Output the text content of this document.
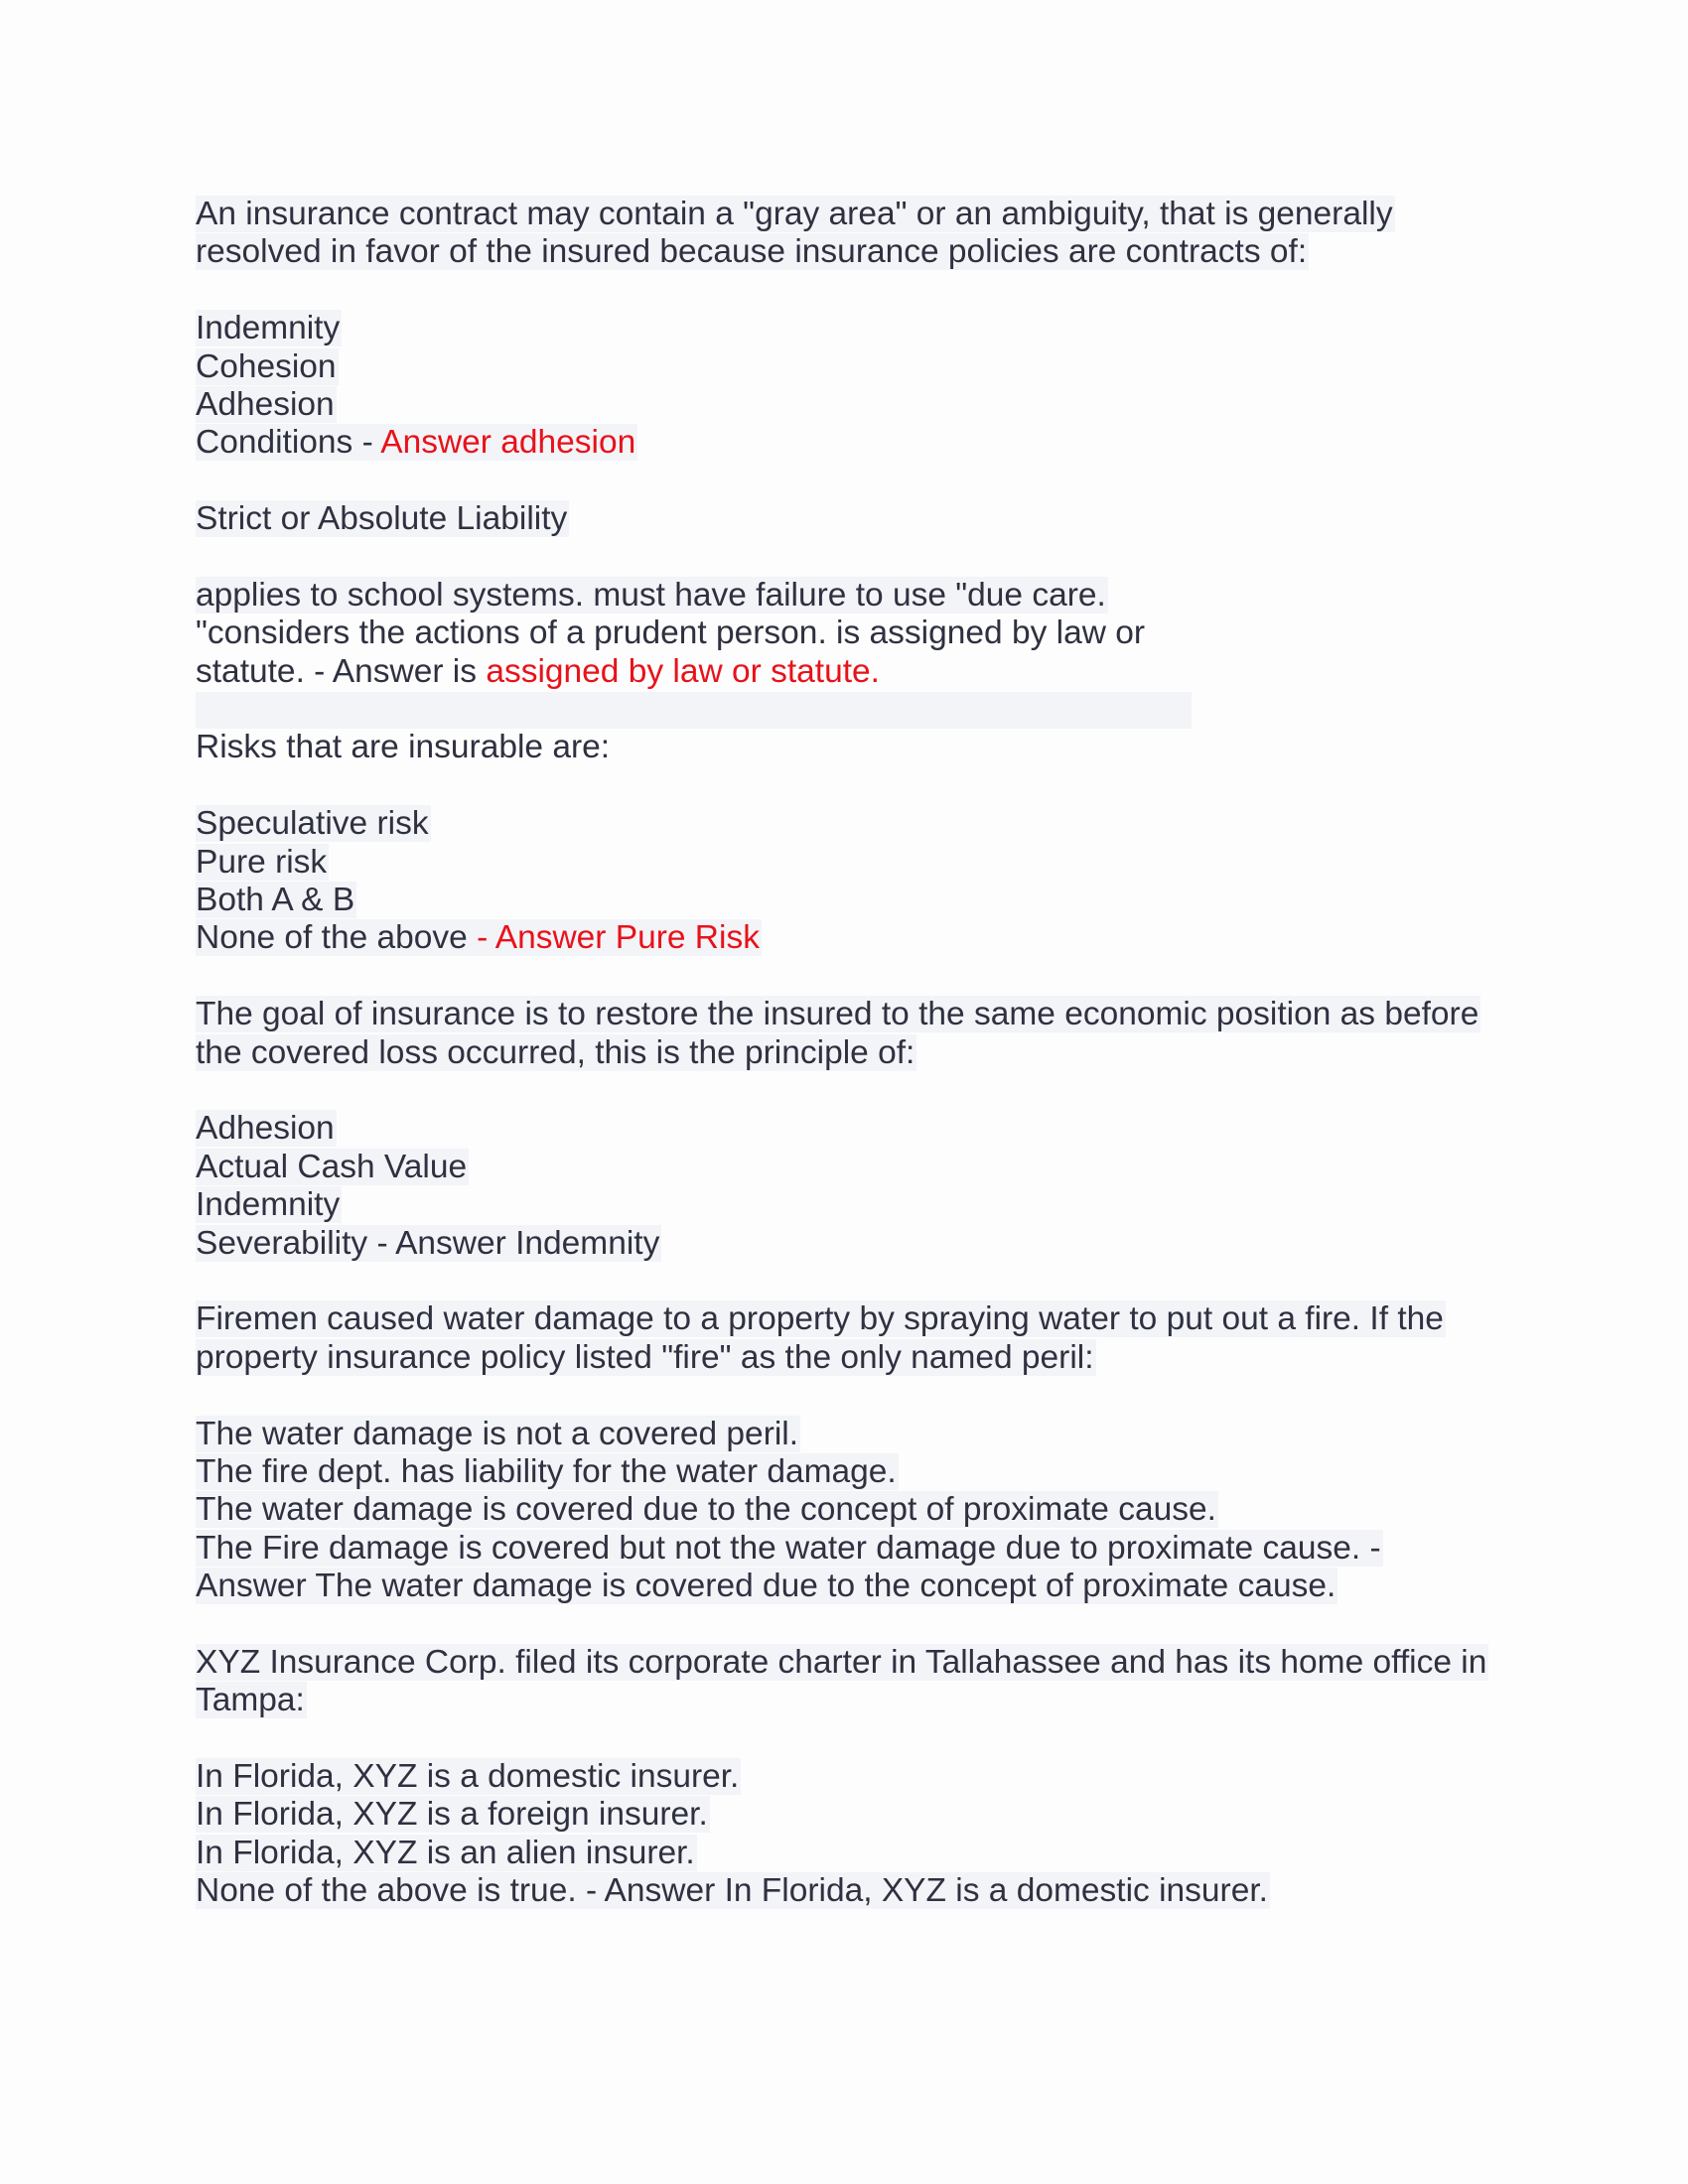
An insurance contract may contain a "gray area" or an ambiguity, that is generally
resolved in favor of the insured because insurance policies are contracts of:
Indemnity
Cohesion
Adhesion
Conditions - Answer adhesion
Strict or Absolute Liability
applies to school systems. must have failure to use "due care.
"considers the actions of a prudent person. is assigned by law or
statute. - Answer is assigned by law or statute.
Risks that are insurable are:
Speculative risk
Pure risk
Both A & B
None of the above - Answer Pure Risk
The goal of insurance is to restore the insured to the same economic position as before
the covered loss occurred, this is the principle of:
Adhesion
Actual Cash Value
Indemnity
Severability - Answer Indemnity
Firemen caused water damage to a property by spraying water to put out a fire. If the
property insurance policy listed "fire" as the only named peril:
The water damage is not a covered peril.
The fire dept. has liability for the water damage.
The water damage is covered due to the concept of proximate cause.
The Fire damage is covered but not the water damage due to proximate cause. -
Answer The water damage is covered due to the concept of proximate cause.
XYZ Insurance Corp. filed its corporate charter in Tallahassee and has its home office in
Tampa:
In Florida, XYZ is a domestic insurer.
In Florida, XYZ is a foreign insurer.
In Florida, XYZ is an alien insurer.
None of the above is true. - Answer In Florida, XYZ is a domestic insurer.
